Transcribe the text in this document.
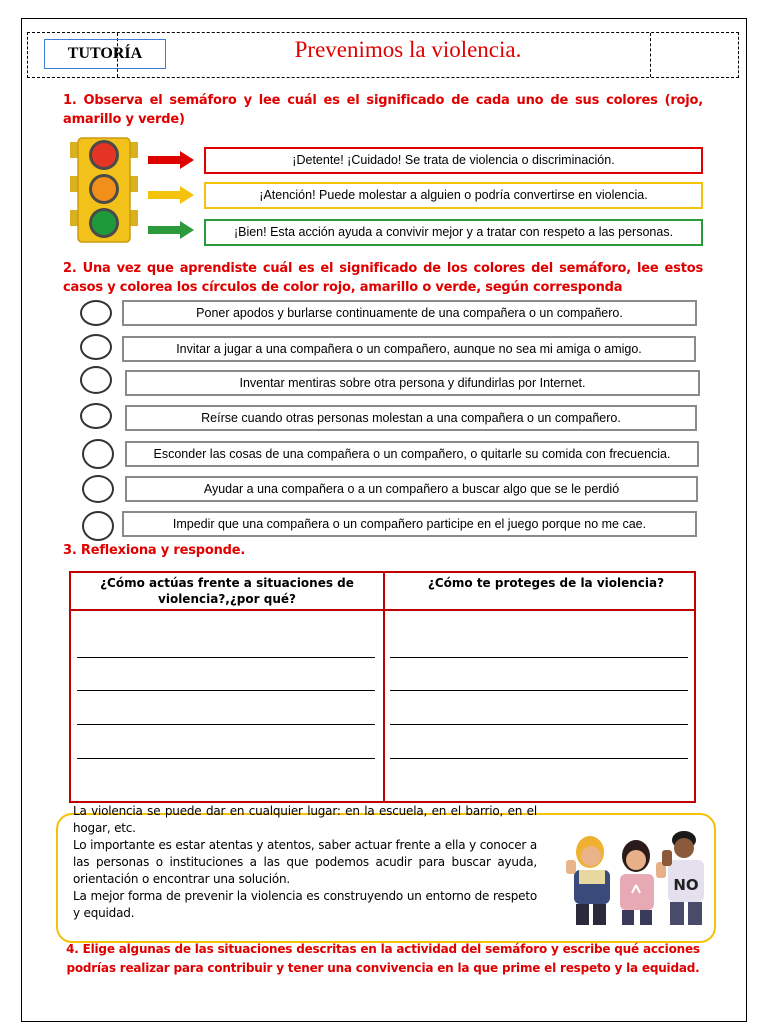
TUTORÍA	Prevenimos la violencia.
1. Observa el semáforo y lee cuál es el significado de cada uno de sus colores (rojo, amarillo y verde)
¡Detente! ¡Cuidado! Se trata de violencia o discriminación.
¡Atención! Puede molestar a alguien o podría convertirse en violencia.
¡Bien! Esta acción ayuda a convivir mejor y a tratar con respeto a las personas.
2. Una vez que aprendiste cuál es el significado de los colores del semáforo, lee estos casos y colorea los círculos de color rojo, amarillo o verde, según corresponda
Poner apodos y burlarse continuamente de una compañera o un compañero.
Invitar a jugar a una compañera o un compañero, aunque no sea mi amiga o amigo.
Inventar mentiras sobre otra persona y difundirlas por Internet.
Reírse cuando otras personas molestan a una compañera o un compañero.
Esconder las cosas de una compañera o un compañero, o quitarle su comida con frecuencia.
Ayudar a una compañera o a un compañero a buscar algo que se le perdió
Impedir que una compañera o un compañero participe en el juego porque no me cae.
3. Reflexiona y responde.
¿Cómo actúas frente a situaciones de violencia?,¿por qué?
¿Cómo te proteges de la violencia?

La violencia se puede dar en cualquier lugar: en la escuela, en el barrio, en el hogar, etc.

Lo importante es estar atentas y atentos, saber actuar frente a ella y conocer a las personas o instituciones a las que podemos acudir para buscar ayuda, orientación o encontrar una solución.

La mejor forma de prevenir la violencia es construyendo un entorno de respeto y equidad.

NO
4. Elige algunas de las situaciones descritas en la actividad del semáforo y escribe qué acciones podrías realizar para contribuir y tener una convivencia en la que prime el respeto y la equidad.
